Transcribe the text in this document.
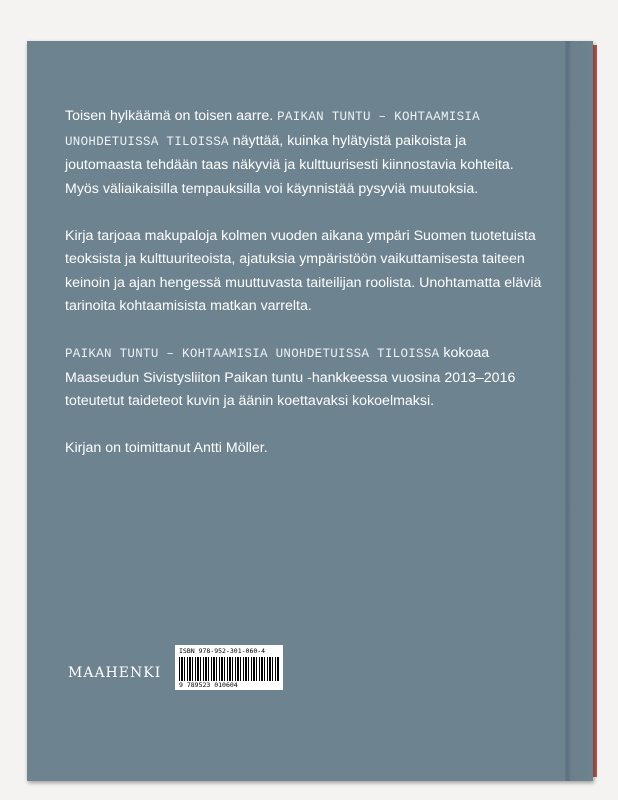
Toisen hylkäämä on toisen aarre. PAIKAN TUNTU – KOHTAAMISIA UNOHDETUISSA TILOISSA näyttää, kuinka hylätyistä paikoista ja joutomaasta tehdään taas näkyviä ja kulttuurisesti kiinnostavia kohteita. Myös väliaikaisilla tempauksilla voi käynnistää pysyviä muutoksia.

Kirja tarjoaa makupaloja kolmen vuoden aikana ympäri Suomen tuotetuista teoksista ja kulttuuriteoista, ajatuksia ympäristöön vaikuttamisesta taiteen keinoin ja ajan hengessä muuttuvasta taiteilijan roolista. Unohtamatta eläviä tarinoita kohtaamisista matkan varrelta.

PAIKAN TUNTU – KOHTAAMISIA UNOHDETUISSA TILOISSA kokoaa Maaseudun Sivistysliiton Paikan tuntu -hankkeessa vuosina 2013–2016 toteutetut taideteot kuvin ja äänin koettavaksi kokoelmaksi.

Kirjan on toimittanut Antti Möller.

MAAHENKI
ISBN 978-952-301-060-4
9 789523 010604
